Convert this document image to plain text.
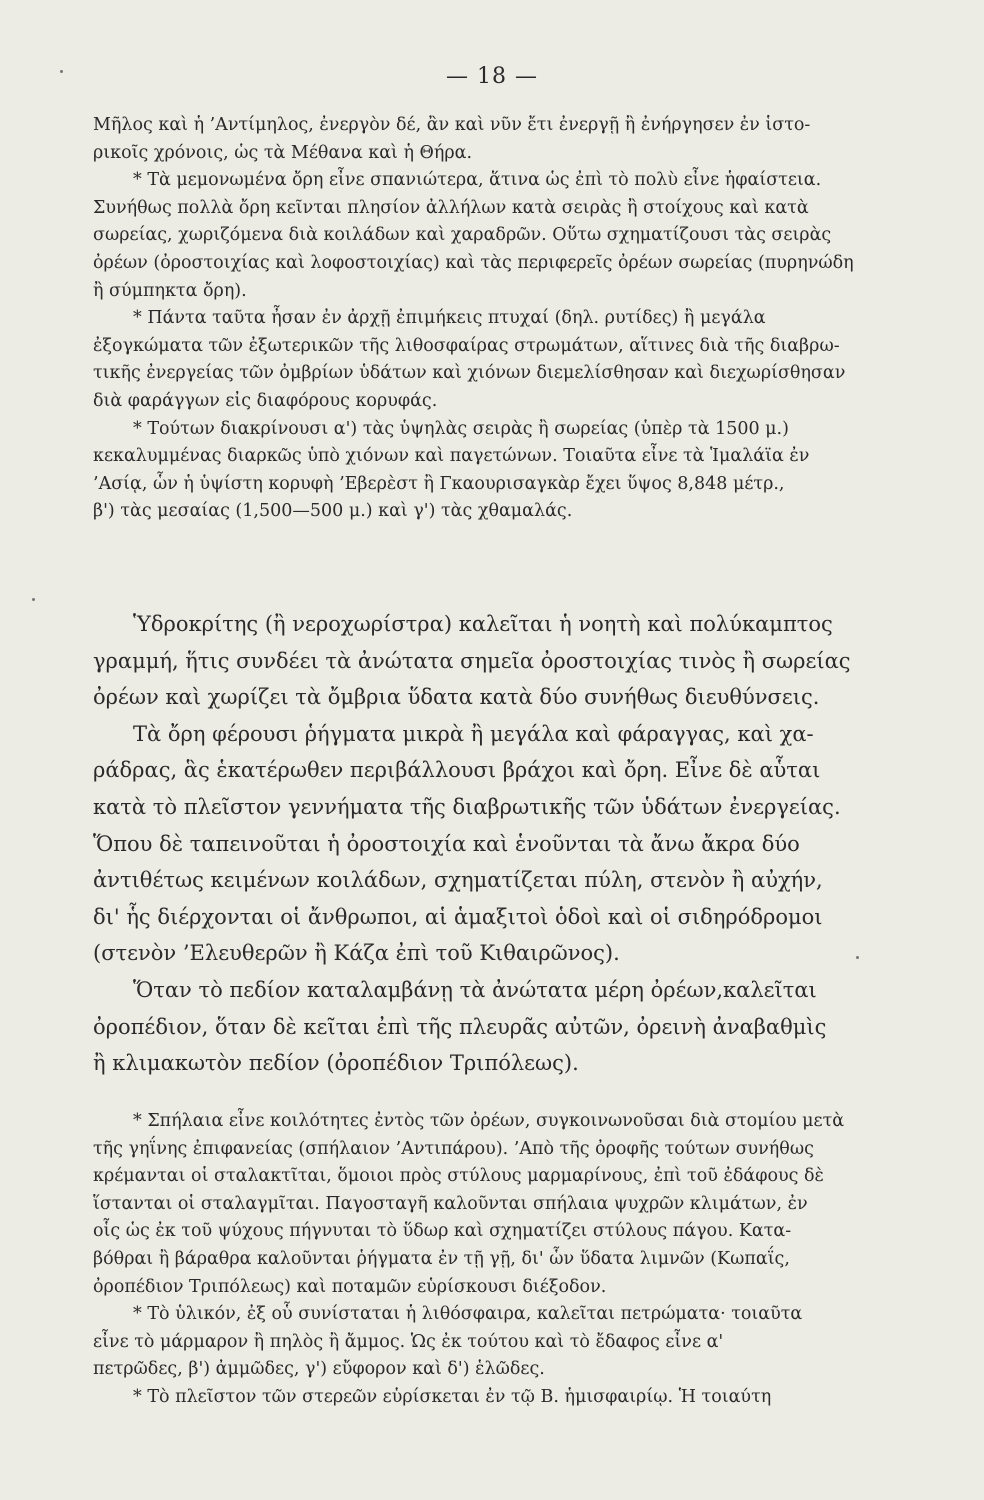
— 18 —

Μῆλος καὶ ἡ ’Αντίμηλος, ἐνεργὸν δέ, ἂν καὶ νῦν ἔτι ἐνεργῇ ἢ ἐνήργησεν ἐν ἱστο-
ρικοῖς χρόνοις, ὡς τὰ Μέθανα καὶ ἡ Θήρα.
* Τὰ μεμονωμένα ὄρη εἶνε σπανιώτερα, ἅτινα ὡς ἐπὶ τὸ πολὺ εἶνε ἡφαίστεια.
Συνήθως πολλὰ ὄρη κεῖνται πλησίον ἀλλήλων κατὰ σειρὰς ἢ στοίχους καὶ κατὰ
σωρείας, χωριζόμενα διὰ κοιλάδων καὶ χαραδρῶν. Οὕτω σχηματίζουσι τὰς σειρὰς
ὀρέων (ὀροστοιχίας καὶ λοφοστοιχίας) καὶ τὰς περιφερεῖς ὀρέων σωρείας (πυρηνώδη
ἢ σύμπηκτα ὄρη).
* Πάντα ταῦτα ἦσαν ἐν ἀρχῇ ἐπιμήκεις πτυχαί (δηλ. ρυτίδες) ἢ μεγάλα
ἐξογκώματα τῶν ἐξωτερικῶν τῆς λιθοσφαίρας στρωμάτων, αἵτινες διὰ τῆς διαβρω-
τικῆς ἐνεργείας τῶν ὀμβρίων ὑδάτων καὶ χιόνων διεμελίσθησαν καὶ διεχωρίσθησαν
διὰ φαράγγων εἰς διαφόρους κορυφάς.
* Τούτων διακρίνουσι α') τὰς ὑψηλὰς σειρὰς ἢ σωρείας (ὑπὲρ τὰ 1500 μ.)
κεκαλυμμένας διαρκῶς ὑπὸ χιόνων καὶ παγετώνων. Τοιαῦτα εἶνε τὰ Ἱμαλάϊα ἐν
’Ασίᾳ, ὧν ἡ ὑψίστη κορυφὴ ’Εβερὲστ ἢ Γκαουρισαγκὰρ ἔχει ὕψος 8,848 μέτρ.,
β') τὰς μεσαίας (1,500—500 μ.) καὶ γ') τὰς χθαμαλάς.

Ὑδροκρίτης (ἢ νεροχωρίστρα) καλεῖται ἡ νοητὴ καὶ πολύκαμπτος
γραμμή, ἥτις συνδέει τὰ ἀνώτατα σημεῖα ὀροστοιχίας τινὸς ἢ σωρείας
ὀρέων καὶ χωρίζει τὰ ὄμβρια ὕδατα κατὰ δύο συνήθως διευθύνσεις.
Τὰ ὄρη φέρουσι ῥήγματα μικρὰ ἢ μεγάλα καὶ φάραγγας, καὶ χα-
ράδρας, ἃς ἑκατέρωθεν περιβάλλουσι βράχοι καὶ ὄρη. Εἶνε δὲ αὗται
κατὰ τὸ πλεῖστον γεννήματα τῆς διαβρωτικῆς τῶν ὑδάτων ἐνεργείας.
Ὅπου δὲ ταπεινοῦται ἡ ὀροστοιχία καὶ ἑνοῦνται τὰ ἄνω ἄκρα δύο
ἀντιθέτως κειμένων κοιλάδων, σχηματίζεται πύλη, στενὸν ἢ αὐχήν,
δι' ἧς διέρχονται οἱ ἄνθρωποι, αἱ ἁμαξιτοὶ ὁδοὶ καὶ οἱ σιδηρόδρομοι
(στενὸν ’Ελευθερῶν ἢ Κάζα ἐπὶ τοῦ Κιθαιρῶνος).
Ὅταν τὸ πεδίον καταλαμβάνῃ τὰ ἀνώτατα μέρη ὀρέων,καλεῖται
ὀροπέδιον, ὅταν δὲ κεῖται ἐπὶ τῆς πλευρᾶς αὐτῶν, ὀρεινὴ ἀναβαθμὶς
ἢ κλιμακωτὸν πεδίον (ὀροπέδιον Τριπόλεως).

* Σπήλαια εἶνε κοιλότητες ἐντὸς τῶν ὀρέων, συγκοινωνοῦσαι διὰ στομίου μετὰ
τῆς γηΐνης ἐπιφανείας (σπήλαιον ’Αντιπάρου). ’Απὸ τῆς ὀροφῆς τούτων συνήθως
κρέμανται οἱ σταλακτῖται, ὅμοιοι πρὸς στύλους μαρμαρίνους, ἐπὶ τοῦ ἐδάφους δὲ
ἵστανται οἱ σταλαγμῖται. Παγοσταγῆ καλοῦνται σπήλαια ψυχρῶν κλιμάτων, ἐν
οἷς ὡς ἐκ τοῦ ψύχους πήγνυται τὸ ὕδωρ καὶ σχηματίζει στύλους πάγου. Κατα-
βόθραι ἢ βάραθρα καλοῦνται ῥήγματα ἐν τῇ γῇ, δι' ὧν ὕδατα λιμνῶν (Κωπαΐς,
ὀροπέδιον Τριπόλεως) καὶ ποταμῶν εὑρίσκουσι διέξοδον.
* Τὸ ὑλικόν, ἐξ οὗ συνίσταται ἡ λιθόσφαιρα, καλεῖται πετρώματα· τοιαῦτα
εἶνε τὸ μάρμαρον ἢ πηλὸς ἢ ἄμμος. Ὡς ἐκ τούτου καὶ τὸ ἔδαφος εἶνε α'
πετρῶδες, β') ἀμμῶδες, γ') εὔφορον καὶ δ') ἑλῶδες.
* Τὸ πλεῖστον τῶν στερεῶν εὑρίσκεται ἐν τῷ Β. ἡμισφαιρίῳ. Ἡ τοιαύτη
